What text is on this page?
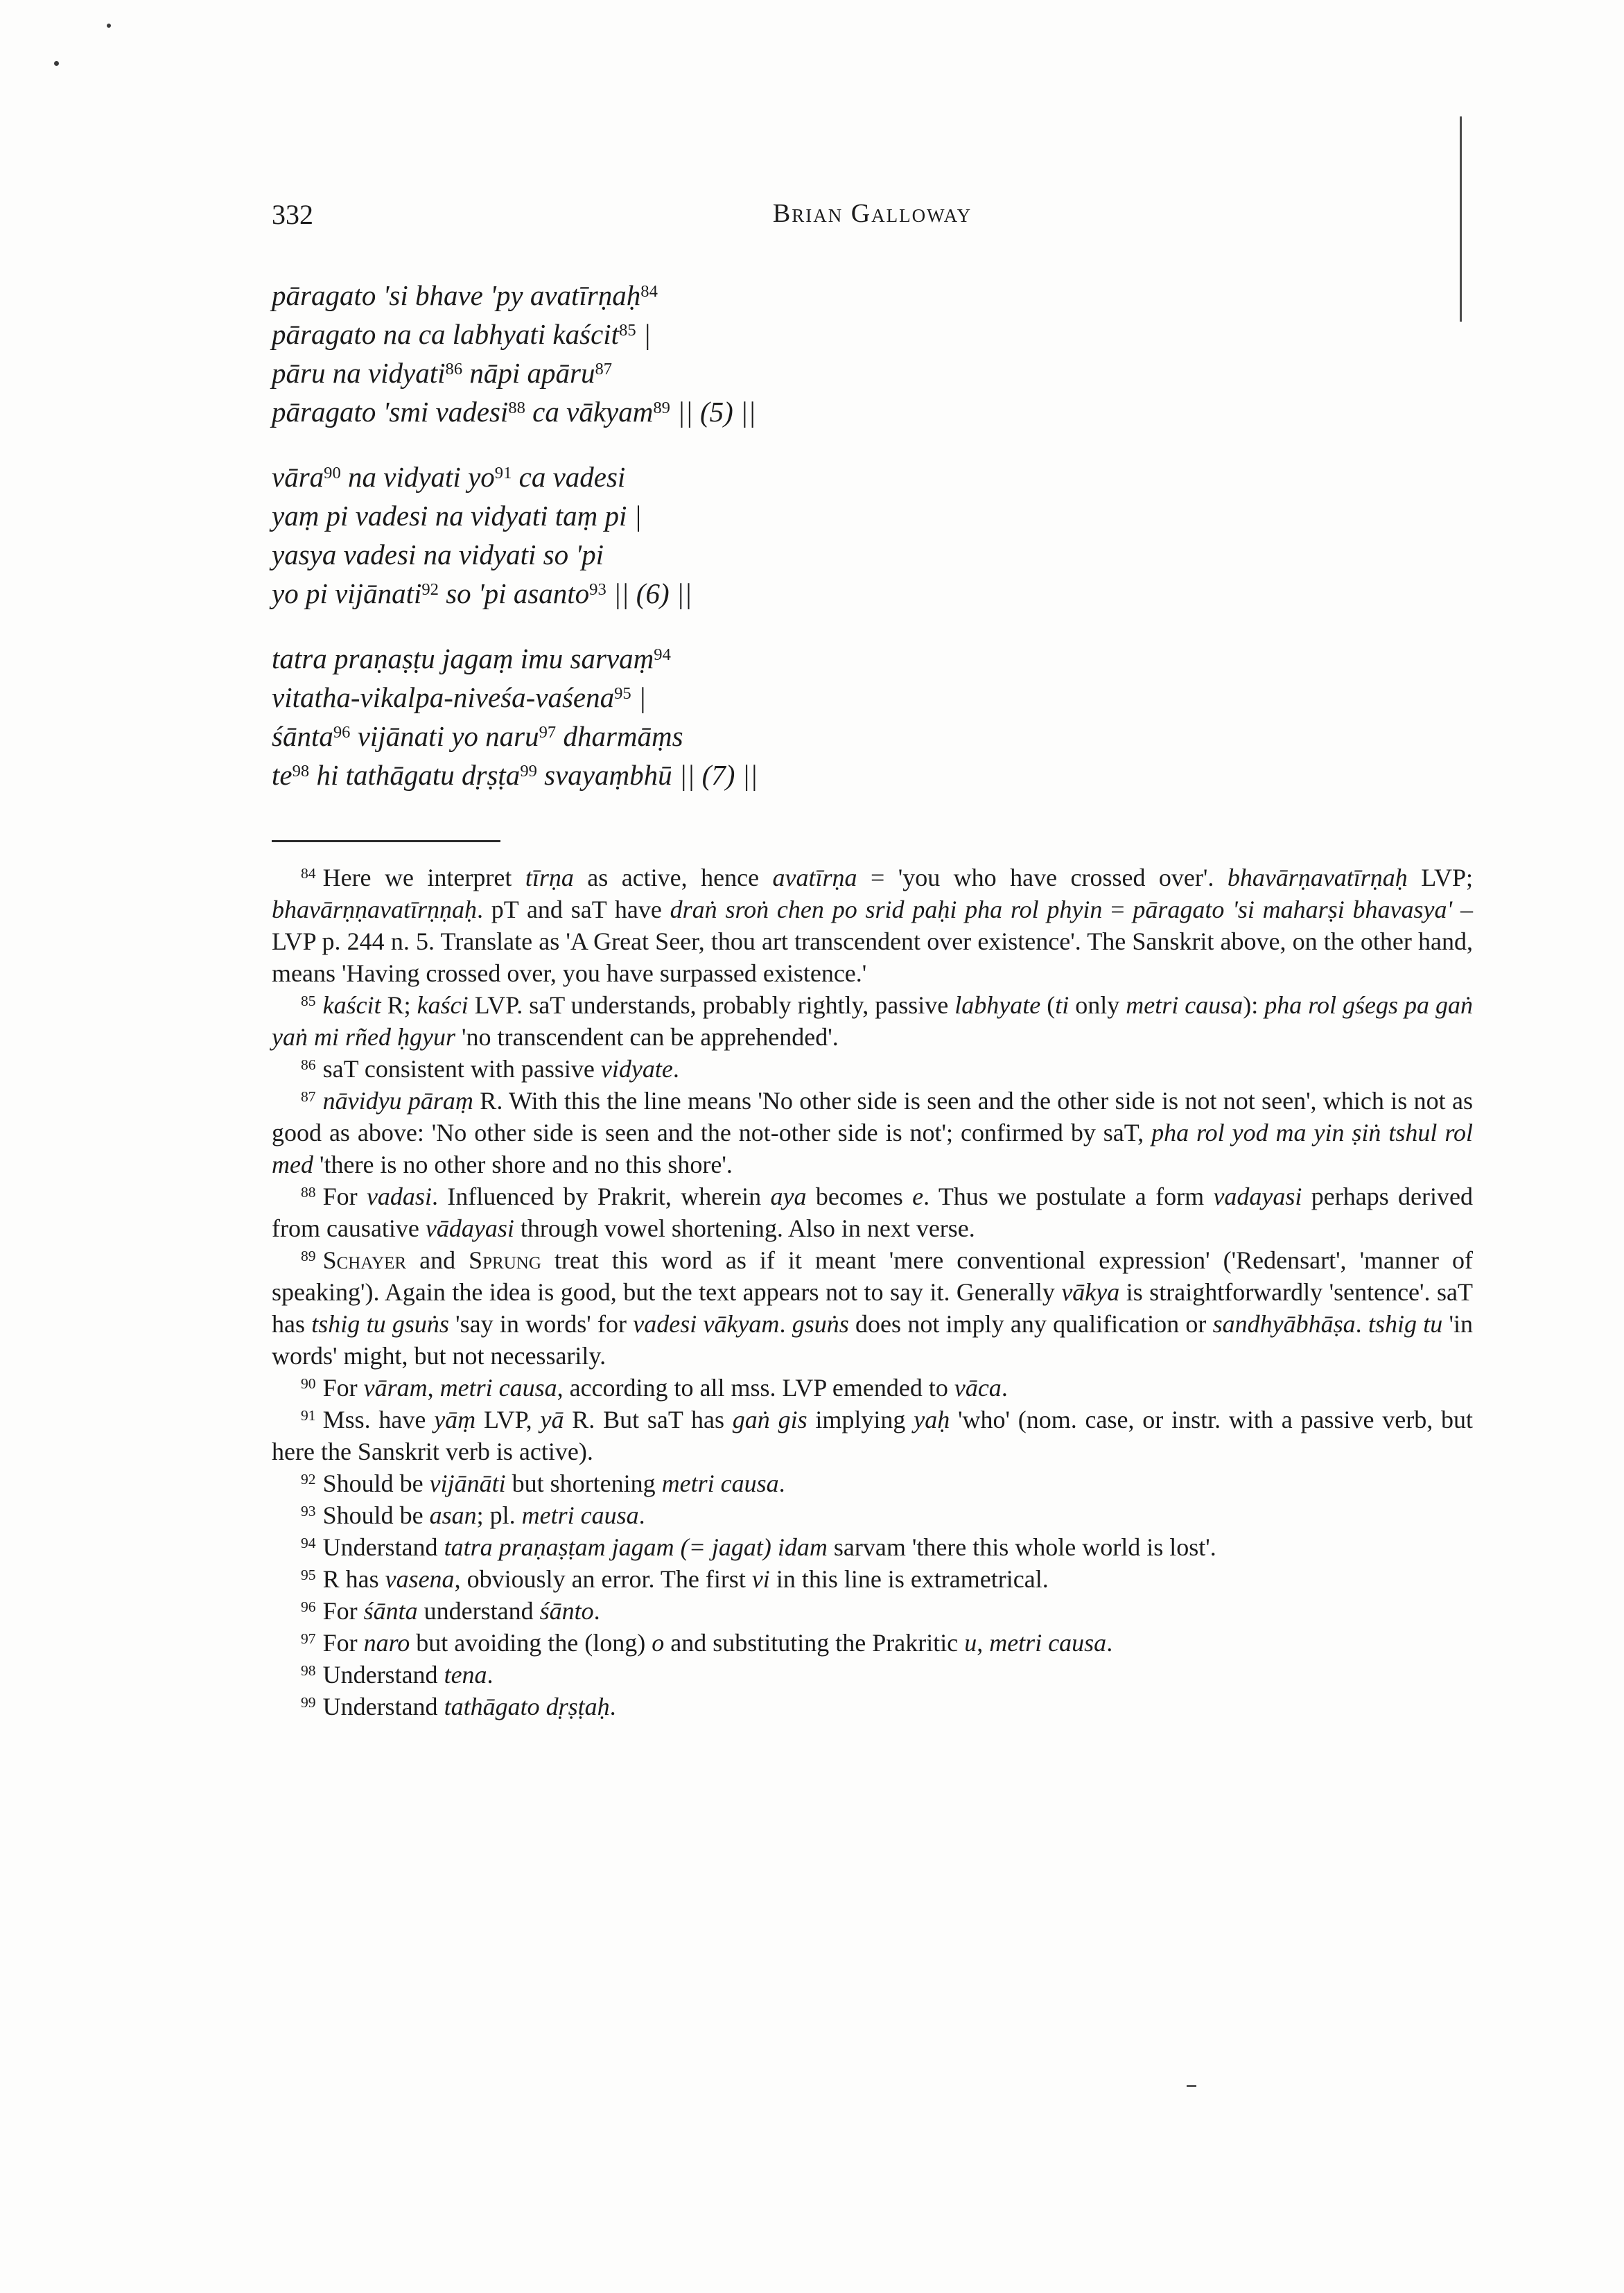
332	Brian Galloway
pāragato 'si bhave 'py avatīrṇaḥ$^{84}$
pāragato na ca labhyati kaścit$^{85}$ |
pāru na vidyati$^{86}$ nāpi apāru$^{87}$
pāragato 'smi vadesi$^{88}$ ca vākyam$^{89}$ || (5) ||
vāra$^{90}$ na vidyati $yo^{91}$ ca vadesi
yaṃ pi vadesi na vidyati taṃ pi |
yasya vadesi na vidyati so 'pi
yo pi vijānati$^{92}$ so 'pi asanto$^{93}$ || (6) ||
tatra praṇaṣṭu jagaṃ imu sarvaṃ$^{94}$
vitatha-vikalpa-niveśa-vaśena$^{95}$ |
śānta$^{96}$ vijānati yo naru$^{97}$ dharmāṃs
$te^{98}$ hi tathāgatu dṛṣṭa$^{99}$ svayaṃbhū || (7) ||

$^{84}$ Here we interpret tīrṇa as active, hence avatīrṇa = 'you who have crossed over'. bhavārṇavatīrṇaḥ LVP; bhavārṇṇavatīrṇṇaḥ. pT and saT have draṅ sroṅ chen po srid paḥi pha rol phyin = pāragato 'si maharṣi bhavasya' – LVP p. 244 n. 5. Translate as 'A Great Seer, thou art transcendent over existence'. The Sanskrit above, on the other hand, means 'Having crossed over, you have surpassed existence.'

$^{85}$ kaścit R; kaści LVP. saT understands, probably rightly, passive labhyate (ti only metri causa): pha rol gśegs pa gaṅ yaṅ mi rñed ḥgyur 'no transcendent can be apprehended'.

$^{86}$ saT consistent with passive vidyate.

$^{87}$ nāvidyu pāraṃ R. With this the line means 'No other side is seen and the other side is not not seen', which is not as good as above: 'No other side is seen and the not-other side is not'; confirmed by saT, pha rol yod ma yin ṣiṅ tshul rol med 'there is no other shore and no this shore'.

$^{88}$ For vadasi. Influenced by Prakrit, wherein aya becomes e. Thus we postulate a form vadayasi perhaps derived from causative vādayasi through vowel shortening. Also in next verse.

$^{89}$ Schayer and Sprung treat this word as if it meant 'mere conventional expression' ('Redensart', 'manner of speaking'). Again the idea is good, but the text appears not to say it. Generally vākya is straightforwardly 'sentence'. saT has tshig tu gsuṅs 'say in words' for vadesi vākyam. gsuṅs does not imply any qualification or sandhyābhāṣa. tshig tu 'in words' might, but not necessarily.

$^{90}$ For vāram, metri causa, according to all mss. LVP emended to vāca.

$^{91}$ Mss. have yāṃ LVP, yā R. But saT has gaṅ gis implying yaḥ 'who' (nom. case, or instr. with a passive verb, but here the Sanskrit verb is active).

$^{92}$ Should be vijānāti but shortening metri causa.

$^{93}$ Should be asan; pl. metri causa.

$^{94}$ Understand tatra praṇaṣṭam jagam (= jagat) idam sarvam 'there this whole world is lost'.

$^{95}$ R has vasena, obviously an error. The first vi in this line is extrametrical.

$^{96}$ For śānta understand śānto.

$^{97}$ For naro but avoiding the (long) o and substituting the Prakritic u, metri causa.

$^{98}$ Understand tena.

$^{99}$ Understand tathāgato dṛṣṭaḥ.
